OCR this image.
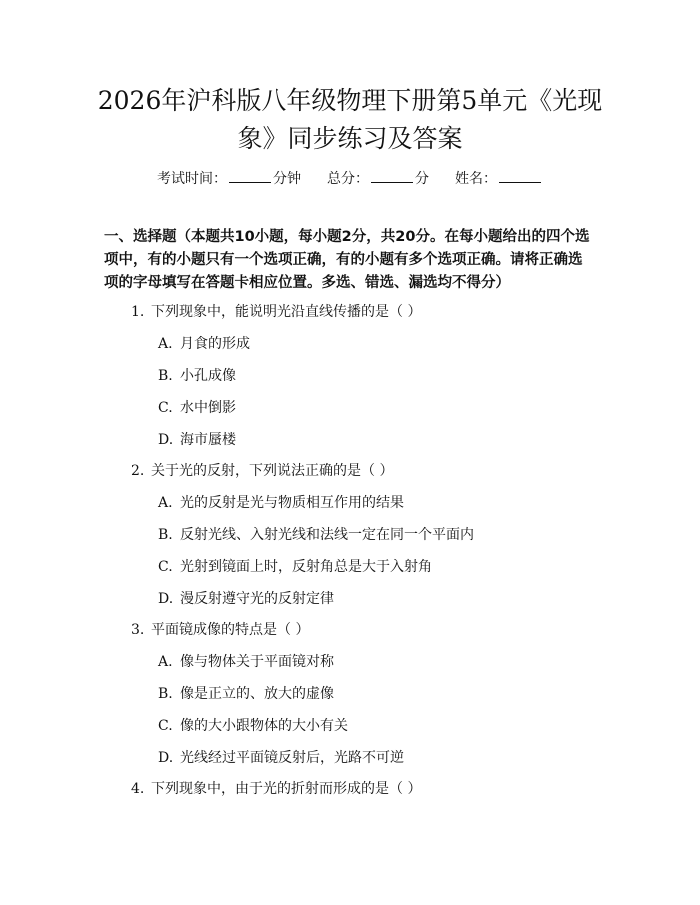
2026年沪科版八年级物理下册第5单元《光现象》同步练习及答案
考试时间：	分钟 总分：	分 姓名：
一、选择题（本题共10小题，每小题2分，共20分。在每小题给出的四个选项中，有的小题只有一个选项正确，有的小题有多个选项正确。请将正确选项的字母填写在答题卡相应位置。多选、错选、漏选均不得分）
1. 下列现象中，能说明光沿直线传播的是（ ）
A. 月食的形成
B. 小孔成像
C. 水中倒影
D. 海市蜃楼
2. 关于光的反射，下列说法正确的是（ ）
A. 光的反射是光与物质相互作用的结果
B. 反射光线、入射光线和法线一定在同一个平面内
C. 光射到镜面上时，反射角总是大于入射角
D. 漫反射遵守光的反射定律
3. 平面镜成像的特点是（ ）
A. 像与物体关于平面镜对称
B. 像是正立的、放大的虚像
C. 像的大小跟物体的大小有关
D. 光线经过平面镜反射后，光路不可逆
4. 下列现象中，由于光的折射而形成的是（ ）
